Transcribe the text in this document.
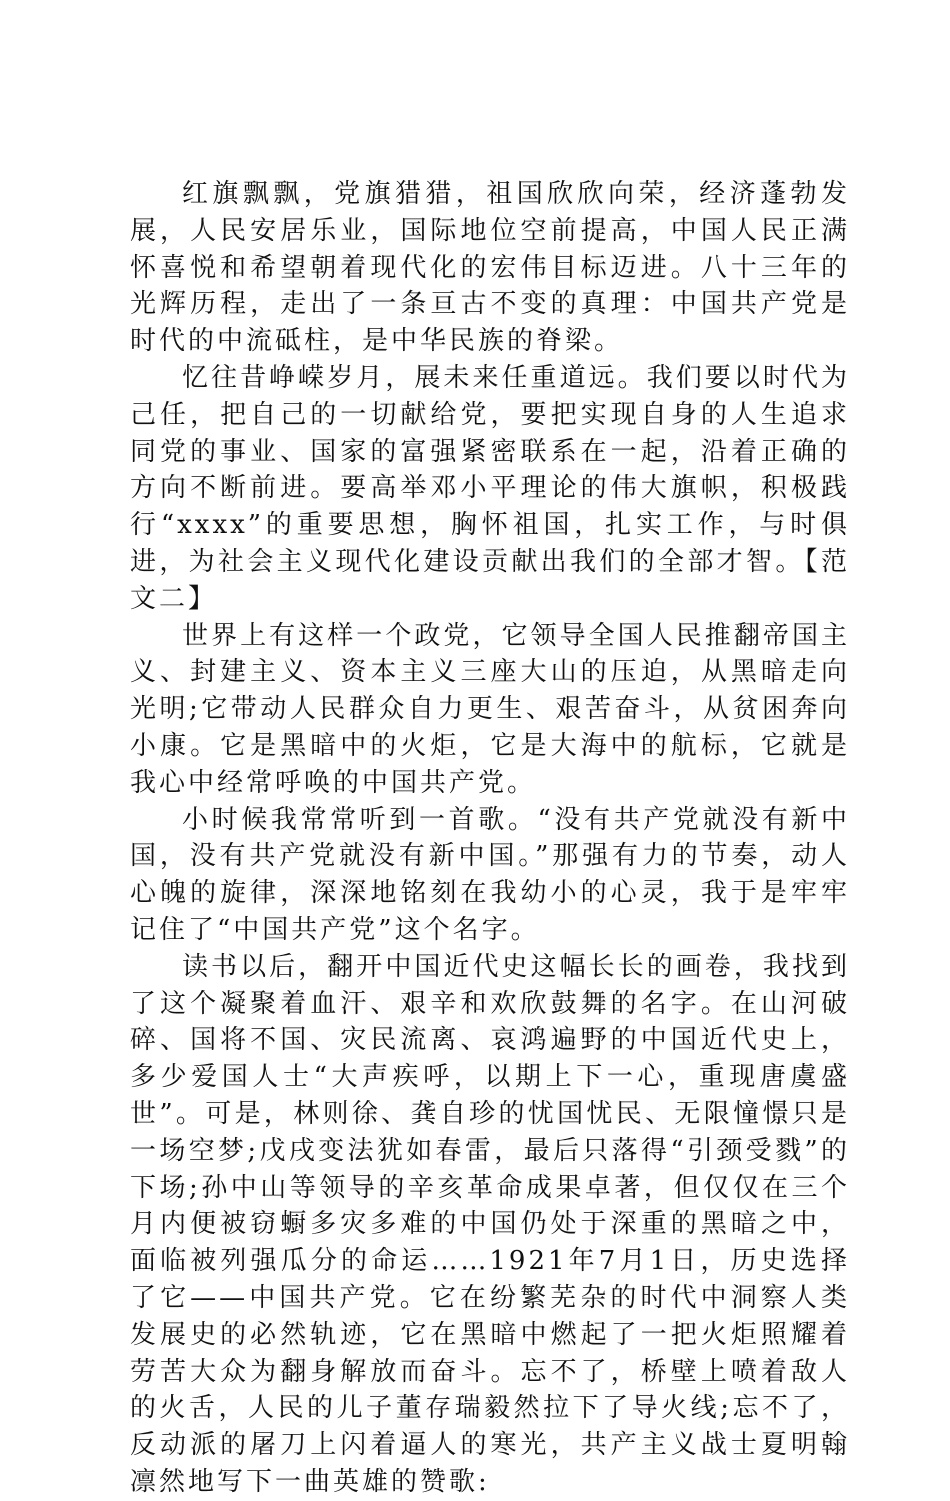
红旗飘飘，党旗猎猎，祖国欣欣向荣，经济蓬勃发展，人民安居乐业，国际地位空前提高，中国人民正满怀喜悦和希望朝着现代化的宏伟目标迈进。八十三年的光辉历程，走出了一条亘古不变的真理：中国共产党是时代的中流砥柱，是中华民族的脊梁。

忆往昔峥嵘岁月，展未来任重道远。我们要以时代为己任，把自己的一切献给党，要把实现自身的人生追求同党的事业、国家的富强紧密联系在一起，沿着正确的方向不断前进。要高举邓小平理论的伟大旗帜，积极践行“xxxx”的重要思想，胸怀祖国，扎实工作，与时俱进，为社会主义现代化建设贡献出我们的全部才智。【范文二】

世界上有这样一个政党，它领导全国人民推翻帝国主义、封建主义、资本主义三座大山的压迫，从黑暗走向光明;它带动人民群众自力更生、艰苦奋斗，从贫困奔向小康。它是黑暗中的火炬，它是大海中的航标，它就是我心中经常呼唤的中国共产党。

小时候我常常听到一首歌。“没有共产党就没有新中国，没有共产党就没有新中国。”那强有力的节奏，动人心魄的旋律，深深地铭刻在我幼小的心灵，我于是牢牢记住了“中国共产党”这个名字。

读书以后，翻开中国近代史这幅长长的画卷，我找到了这个凝聚着血汗、艰辛和欢欣鼓舞的名字。在山河破碎、国将不国、灾民流离、哀鸿遍野的中国近代史上，多少爱国人士“大声疾呼，以期上下一心，重现唐虞盛世”。可是，林则徐、龚自珍的忧国忧民、无限憧憬只是一场空梦;戊戌变法犹如春雷，最后只落得“引颈受戮”的下场;孙中山等领导的辛亥革命成果卓著，但仅仅在三个月内便被窃蟵多灾多难的中国仍处于深重的黑暗之中，面临被列强瓜分的命运……1921年7月1日，历史选择了它——中国共产党。它在纷繁芜杂的时代中洞察人类发展史的必然轨迹，它在黑暗中燃起了一把火炬照耀着劳苦大众为翻身解放而奋斗。忘不了，桥壁上喷着敌人的火舌，人民的儿子董存瑞毅然拉下了导火线;忘不了，反动派的屠刀上闪着逼人的寒光，共产主义战士夏明翰凛然地写下一曲英雄的赞歌:
